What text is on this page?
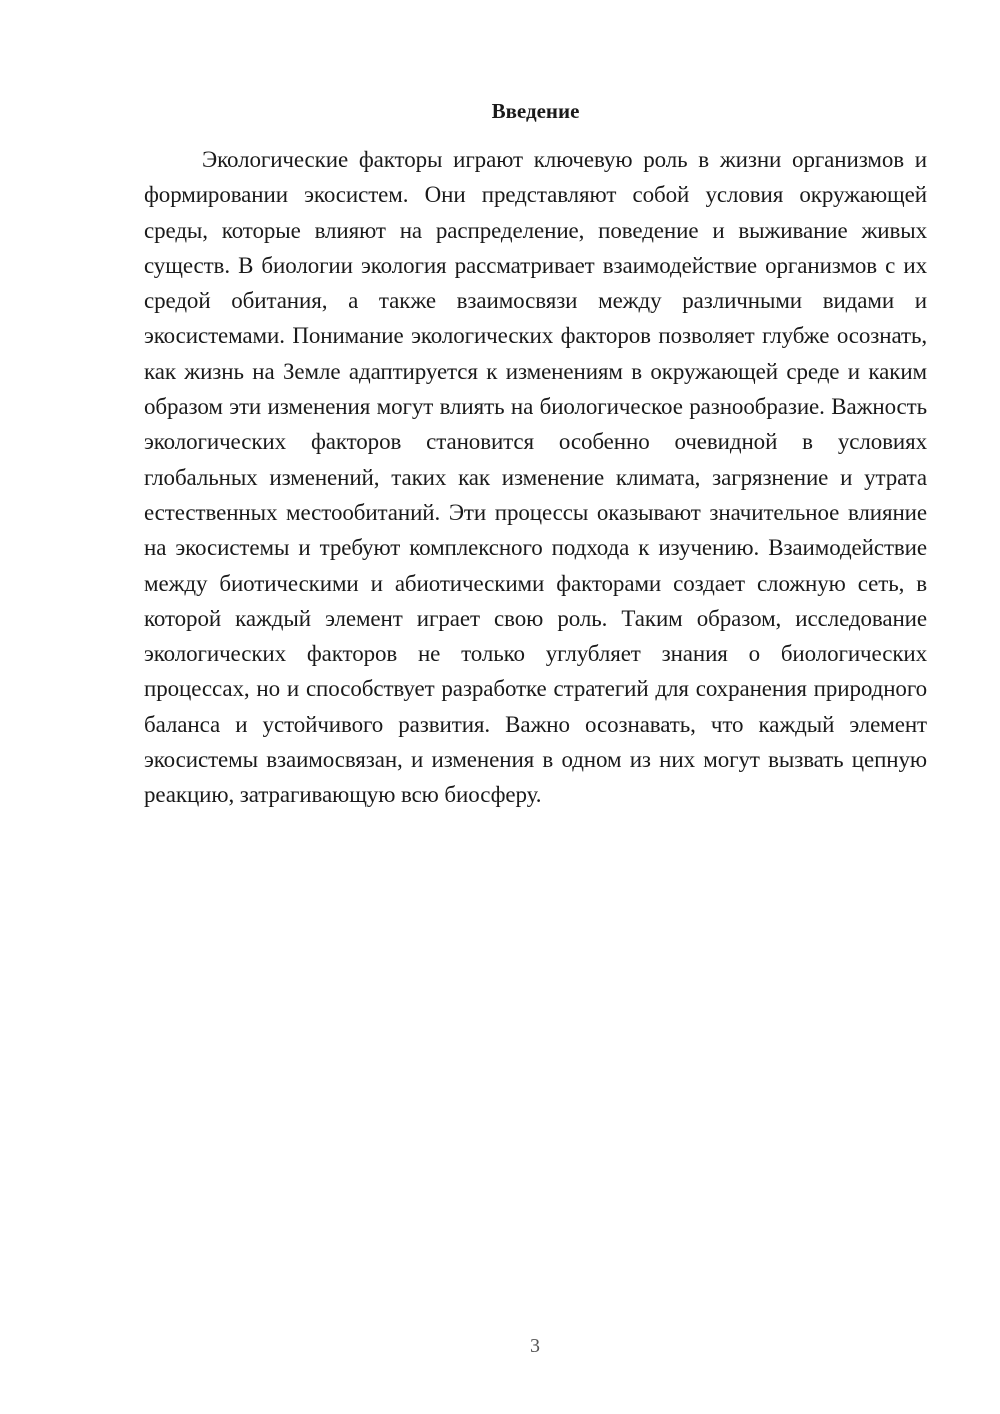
Введение

Экологические факторы играют ключевую роль в жизни организмов и формировании экосистем. Они представляют собой условия окружающей среды, которые влияют на распределение, поведение и выживание живых существ. В биологии экология рассматривает взаимодействие организмов с их средой обитания, а также взаимосвязи между различными видами и экосистемами. Понимание экологических факторов позволяет глубже осознать, как жизнь на Земле адаптируется к изменениям в окружающей среде и каким образом эти изменения могут влиять на биологическое разнообразие. Важность экологических факторов становится особенно очевидной в условиях глобальных изменений, таких как изменение климата, загрязнение и утрата естественных местообитаний. Эти процессы оказывают значительное влияние на экосистемы и требуют комплексного подхода к изучению. Взаимодействие между биотическими и абиотическими факторами создает сложную сеть, в которой каждый элемент играет свою роль. Таким образом, исследование экологических факторов не только углубляет знания о биологических процессах, но и способствует разработке стратегий для сохранения природного баланса и устойчивого развития. Важно осознавать, что каждый элемент экосистемы взаимосвязан, и изменения в одном из них могут вызвать цепную реакцию, затрагивающую всю биосферу.

3
